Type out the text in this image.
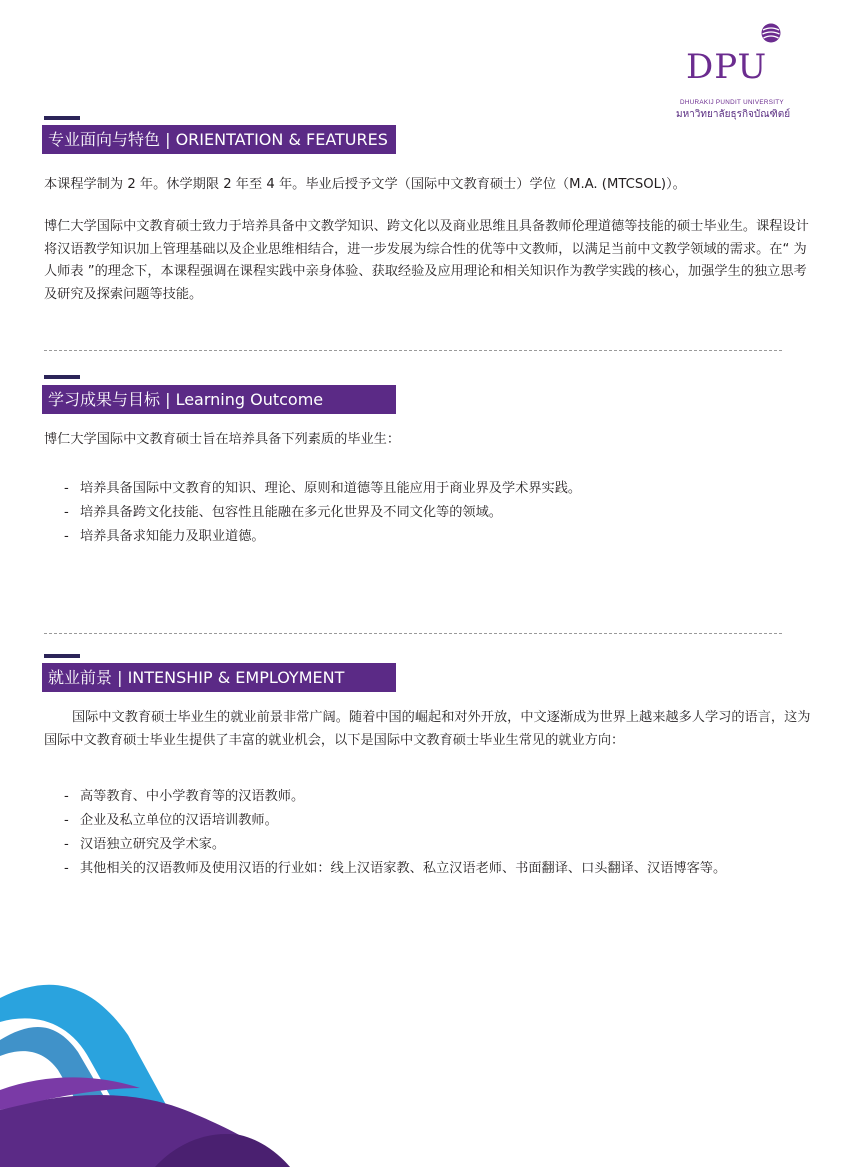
DPU
DHURAKIJ PUNDIT UNIVERSITY
มหาวิทยาลัยธุรกิจบัณฑิตย์
专业面向与特色 | ORIENTATION & FEATURES

本课程学制为 2 年。休学期限 2 年至 4 年。毕业后授予文学（国际中文教育硕士）学位（M.A. (MTCSOL)）。

博仁大学国际中文教育硕士致力于培养具备中文教学知识、跨文化以及商业思维且具备教师伦理道德等技能的硕士毕业生。课程设计将汉语教学知识加上管理基础以及企业思维相结合，进一步发展为综合性的优等中文教师，以满足当前中文教学领域的需求。在“ 为人师表 ”的理念下，本课程强调在课程实践中亲身体验、获取经验及应用理论和相关知识作为教学实践的核心，加强学生的独立思考及研究及探索问题等技能。

学习成果与目标 | Learning Outcome

博仁大学国际中文教育硕士旨在培养具备下列素质的毕业生：

- 培养具备国际中文教育的知识、理论、原则和道德等且能应用于商业界及学术界实践。
- 培养具备跨文化技能、包容性且能融在多元化世界及不同文化等的领域。
- 培养具备求知能力及职业道德。
就业前景 | INTENSHIP & EMPLOYMENT

国际中文教育硕士毕业生的就业前景非常广阔。随着中国的崛起和对外开放，中文逐渐成为世界上越来越多人学习的语言，这为国际中文教育硕士毕业生提供了丰富的就业机会，以下是国际中文教育硕士毕业生常见的就业方向：

- 高等教育、中小学教育等的汉语教师。
- 企业及私立单位的汉语培训教师。
- 汉语独立研究及学术家。
- 其他相关的汉语教师及使用汉语的行业如：线上汉语家教、私立汉语老师、书面翻译、口头翻译、汉语博客等。
